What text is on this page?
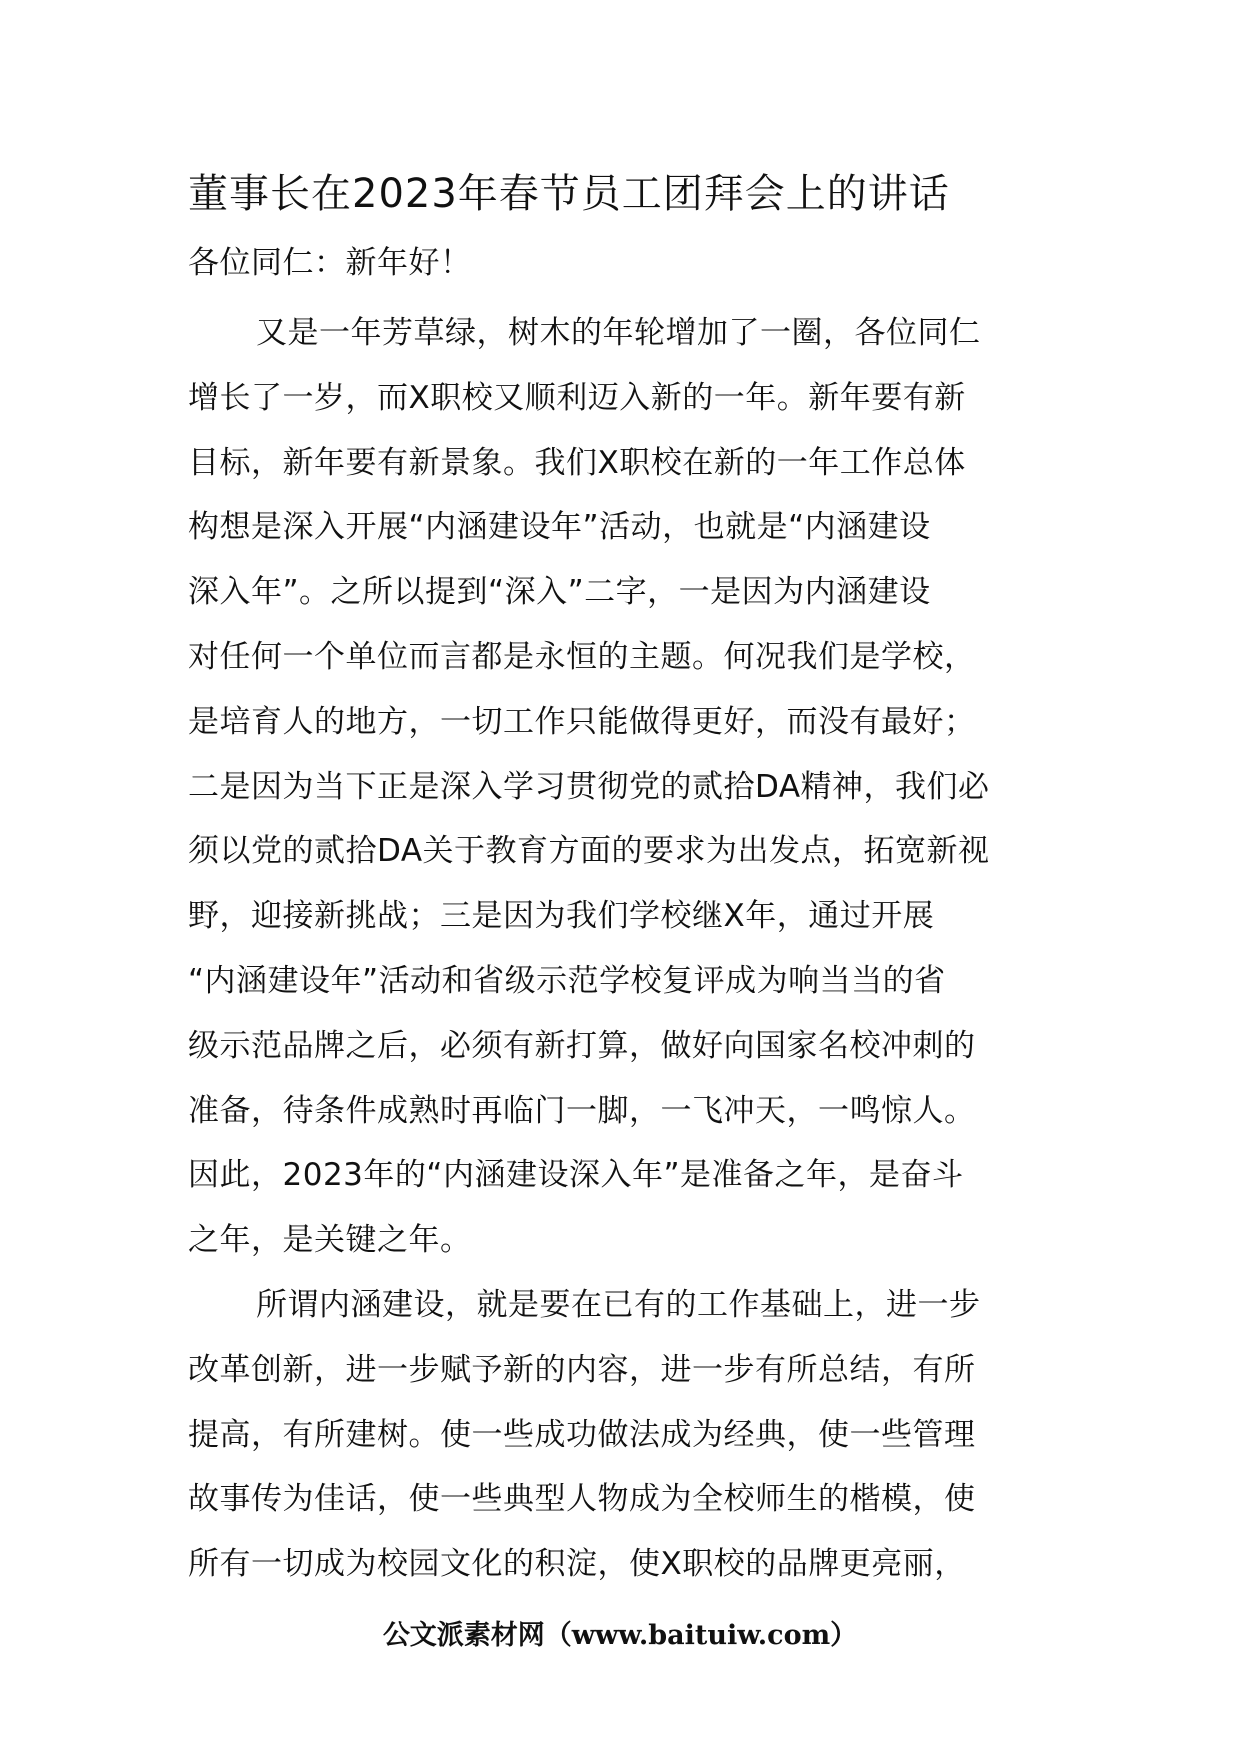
董事长在2023年春节员工团拜会上的讲话
各位同仁：新年好！
又是一年芳草绿，树木的年轮增加了一圈，各位同仁
增长了一岁，而X职校又顺利迈入新的一年。新年要有新
目标，新年要有新景象。我们X职校在新的一年工作总体
构想是深入开展“内涵建设年”活动，也就是“内涵建设
深入年”。之所以提到“深入”二字，一是因为内涵建设
对任何一个单位而言都是永恒的主题。何况我们是学校，
是培育人的地方，一切工作只能做得更好，而没有最好；
二是因为当下正是深入学习贯彻党的贰拾DA精神，我们必
须以党的贰拾DA关于教育方面的要求为出发点，拓宽新视
野，迎接新挑战；三是因为我们学校继X年，通过开展
“内涵建设年”活动和省级示范学校复评成为响当当的省
级示范品牌之后，必须有新打算，做好向国家名校冲刺的
准备，待条件成熟时再临门一脚，一飞冲天，一鸣惊人。
因此，2023年的“内涵建设深入年”是准备之年，是奋斗
之年，是关键之年。
所谓内涵建设，就是要在已有的工作基础上，进一步
改革创新，进一步赋予新的内容，进一步有所总结，有所
提高，有所建树。使一些成功做法成为经典，使一些管理
故事传为佳话，使一些典型人物成为全校师生的楷模，使
所有一切成为校园文化的积淀，使X职校的品牌更亮丽，
公文派素材网（www.baituiw.com）
